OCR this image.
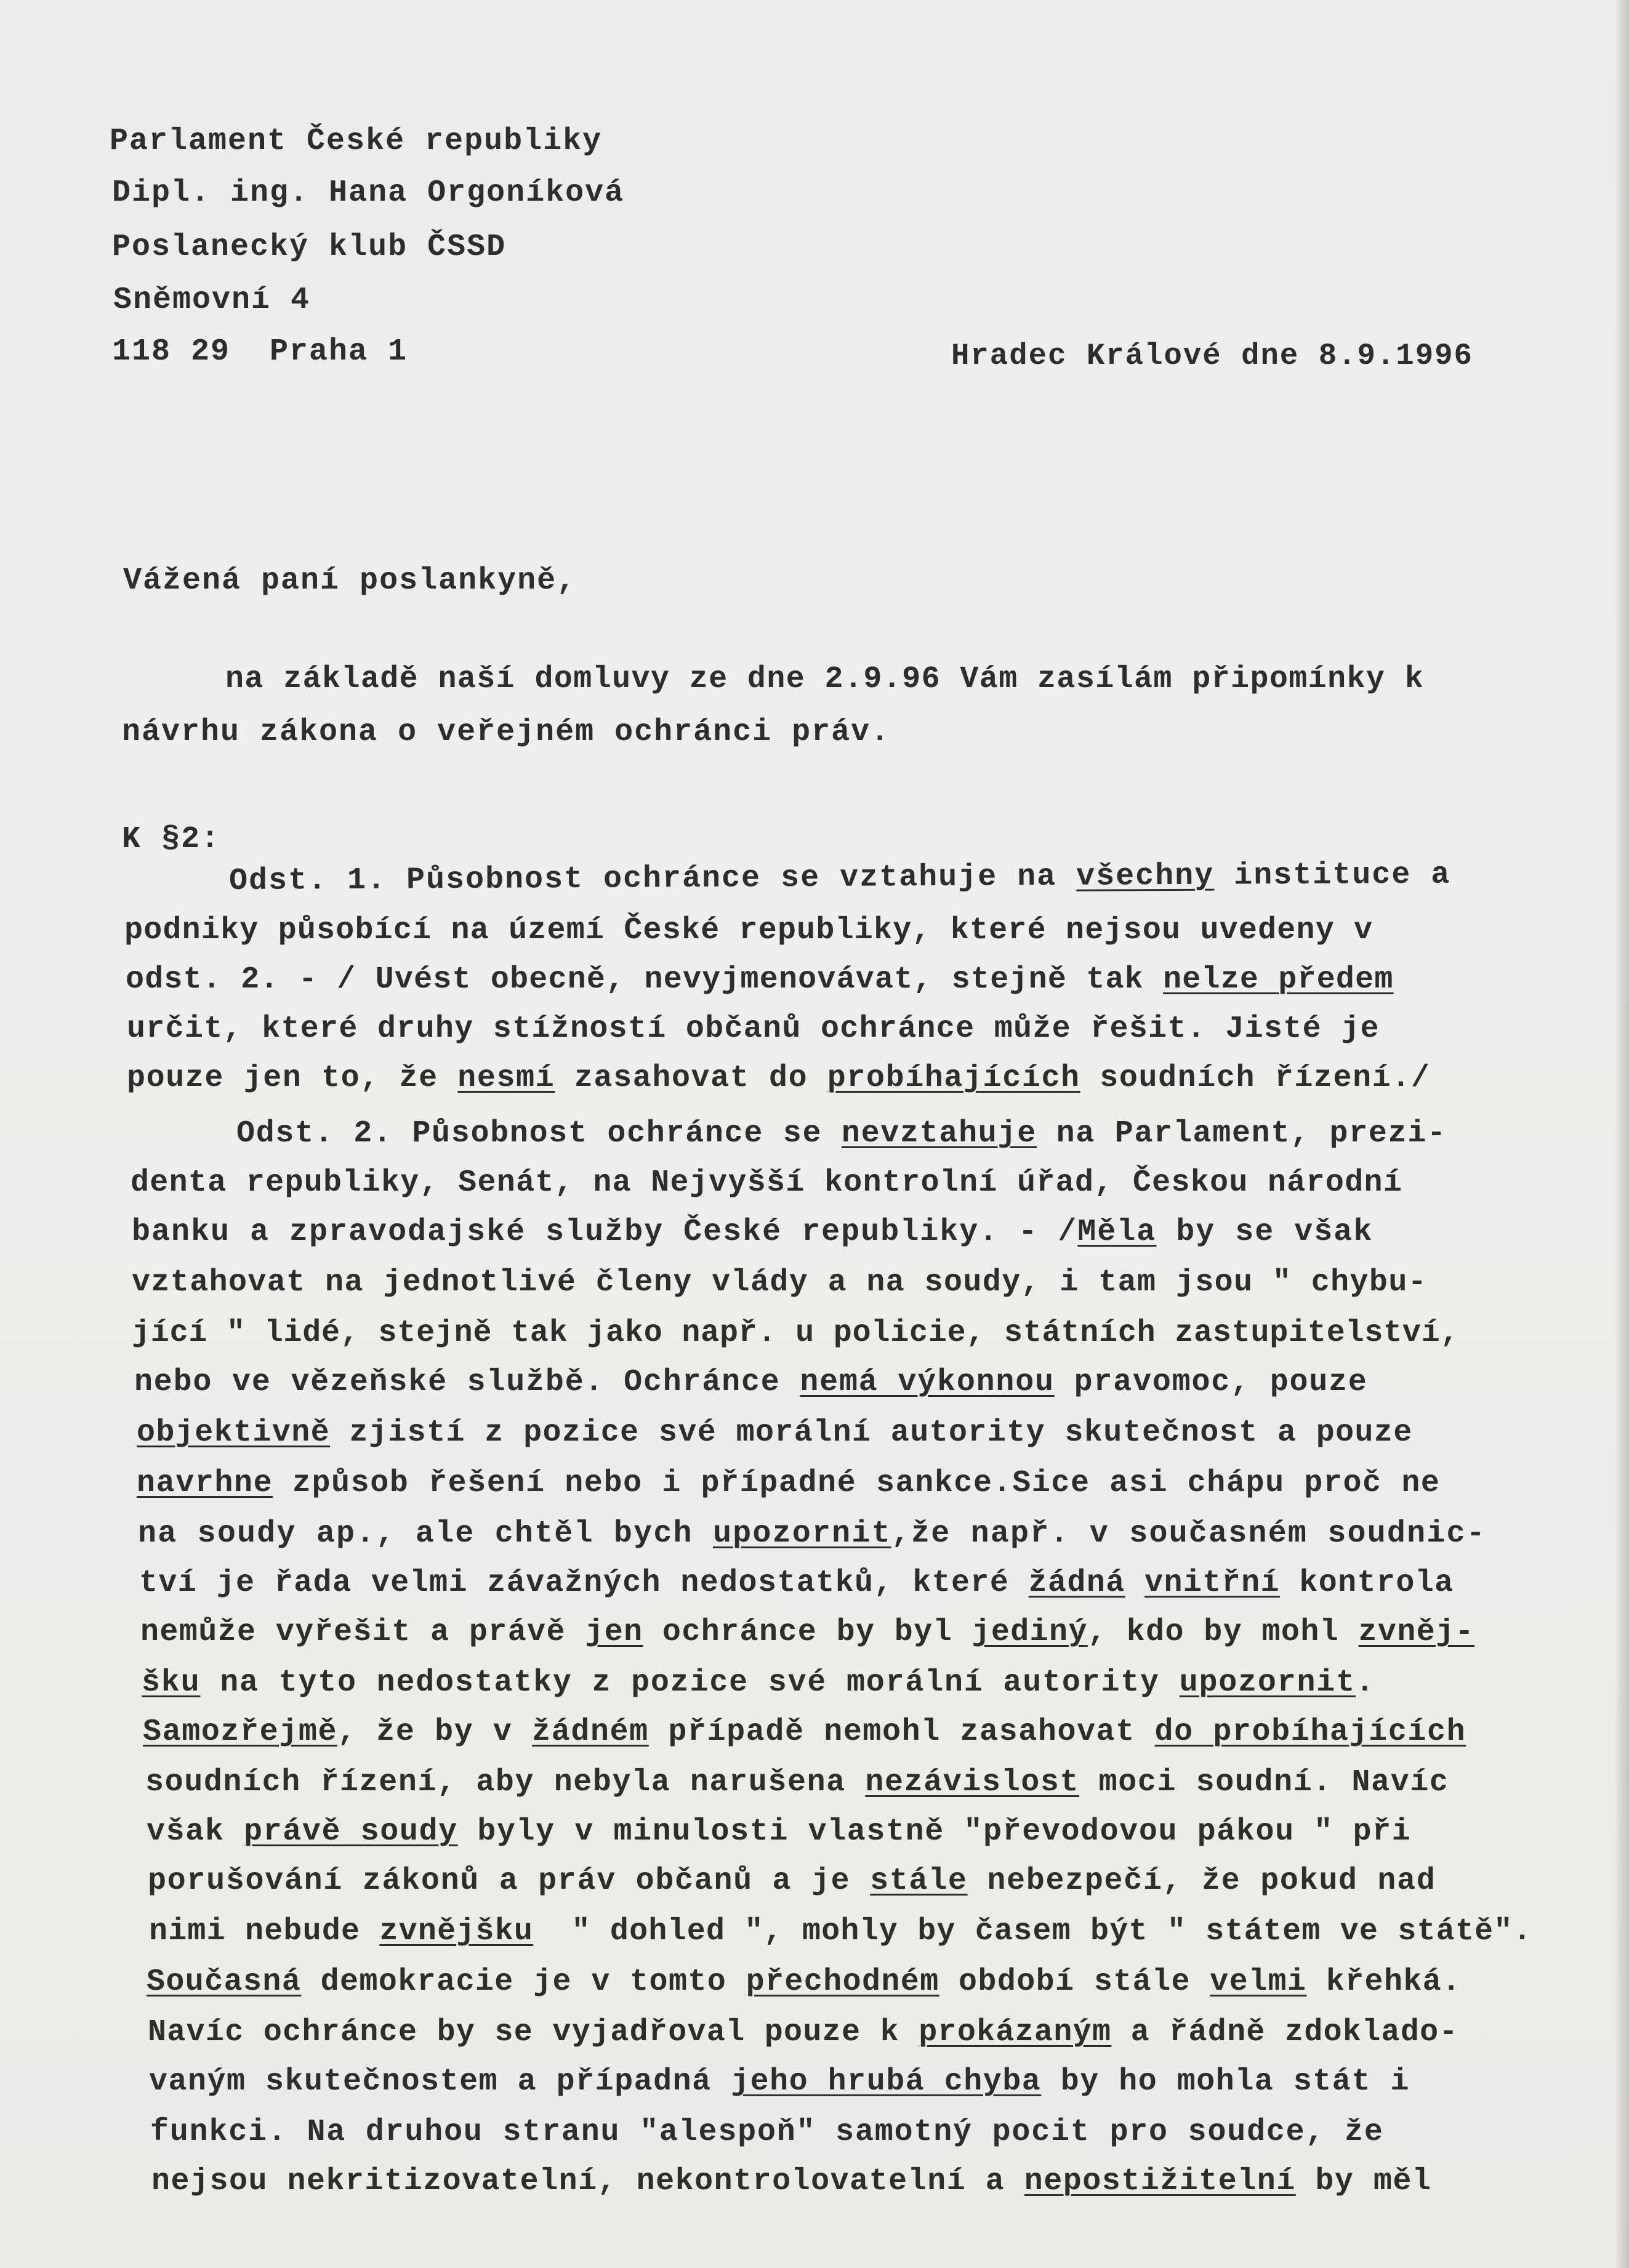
Parlament České republiky
Dipl. ing. Hana Orgoníková
Poslanecký klub ČSSD
Sněmovní 4
118 29  Praha 1	Hradec Králové dne 8.9.1996
Vážená paní poslankyně,
na základě naší domluvy ze dne 2.9.96 Vám zasílám připomínky k
návrhu zákona o veřejném ochránci práv.
K §2:
Odst. 1. Působnost ochránce se vztahuje na všechny instituce a
podniky působící na území České republiky, které nejsou uvedeny v
odst. 2. - / Uvést obecně, nevyjmenovávat, stejně tak nelze předem
určit, které druhy stížností občanů ochránce může řešit. Jisté je
pouze jen to, že nesmí zasahovat do probíhajících soudních řízení./
Odst. 2. Působnost ochránce se nevztahuje na Parlament, prezi-
denta republiky, Senát, na Nejvyšší kontrolní úřad, Českou národní
banku a zpravodajské služby České republiky. - /Měla by se však
vztahovat na jednotlivé členy vlády a na soudy, i tam jsou " chybu-
jící " lidé, stejně tak jako např. u policie, státních zastupitelství,
nebo ve vězeňské službě. Ochránce nemá výkonnou pravomoc, pouze
objektivně zjistí z pozice své morální autority skutečnost a pouze
navrhne způsob řešení nebo i případné sankce.Sice asi chápu proč ne
na soudy ap., ale chtěl bych upozornit,že např. v současném soudnic-
tví je řada velmi závažných nedostatků, které žádná vnitřní kontrola
nemůže vyřešit a právě jen ochránce by byl jediný, kdo by mohl zvněj-
šku na tyto nedostatky z pozice své morální autority upozornit.
Samozřejmě, že by v žádném případě nemohl zasahovat do probíhajících
soudních řízení, aby nebyla narušena nezávislost moci soudní. Navíc
však právě soudy byly v minulosti vlastně "převodovou pákou " při
porušování zákonů a práv občanů a je stále nebezpečí, že pokud nad
nimi nebude zvnějšku  " dohled ", mohly by časem být " státem ve státě".
Současná demokracie je v tomto přechodném období stále velmi křehká.
Navíc ochránce by se vyjadřoval pouze k prokázaným a řádně zdoklado-
vaným skutečnostem a případná jeho hrubá chyba by ho mohla stát i
funkci. Na druhou stranu "alespoň" samotný pocit pro soudce, že
nejsou nekritizovatelní, nekontrolovatelní a nepostižitelní by měl
